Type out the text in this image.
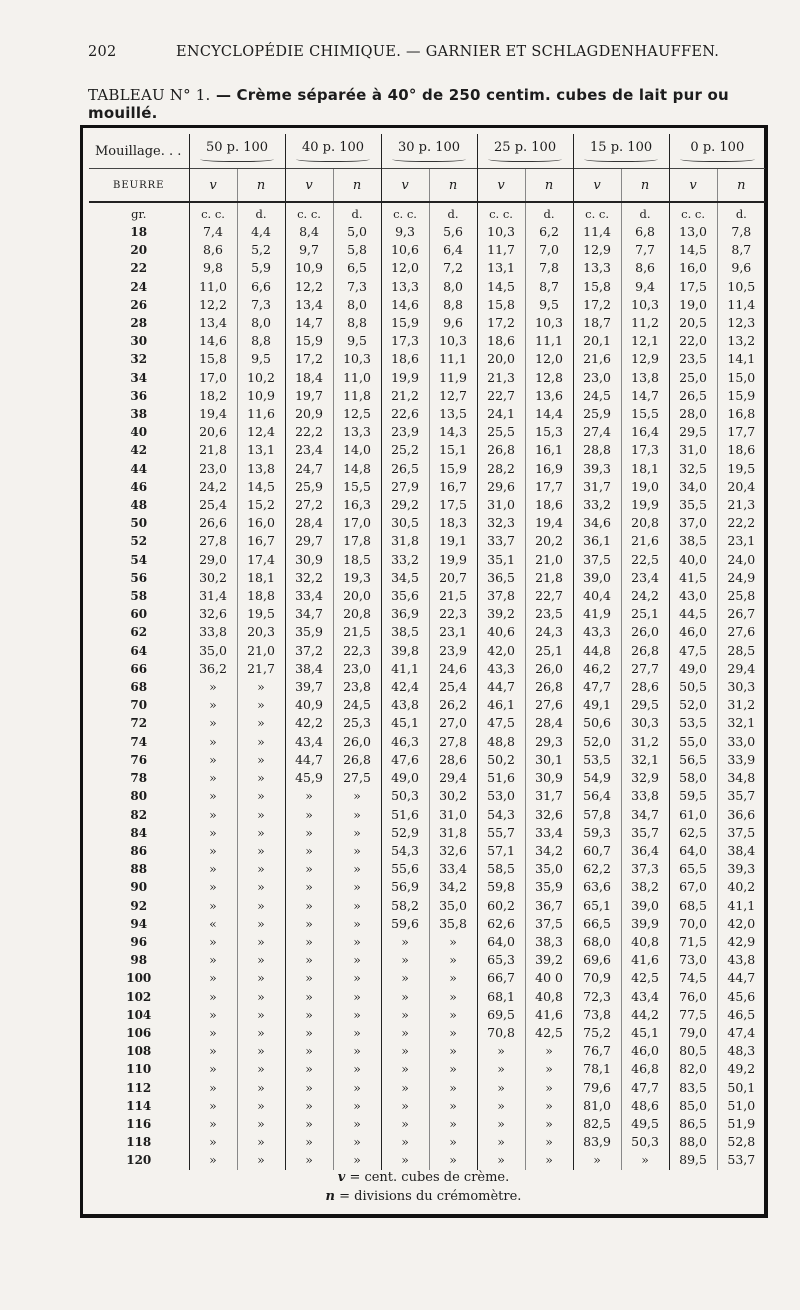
202	ENCYCLOPÉDIE CHIMIQUE. — GARNIER ET SCHLAGDENHAUFFEN.
TABLEAU N° 1. — Crème séparée à 40° de 250 centim. cubes de lait pur ou mouillé.
Mouillage. . .	50 p. 100		40 p. 100		30 p. 100		25 p. 100		15 p. 100		0 p. 100	

BEURRE	v	n	v	n	v	n	v	n	v	n	v	n
gr.	c. c.	d.	c. c.	d.	c. c.	d.	c. c.	d.	c. c.	d.	c. c.	d.
18	7,4	4,4	8,4	5,0	9,3	5,6	10,3	6,2	11,4	6,8	13,0	7,8
20	8,6	5,2	9,7	5,8	10,6	6,4	11,7	7,0	12,9	7,7	14,5	8,7
22	9,8	5,9	10,9	6,5	12,0	7,2	13,1	7,8	13,3	8,6	16,0	9,6
24	11,0	6,6	12,2	7,3	13,3	8,0	14,5	8,7	15,8	9,4	17,5	10,5
26	12,2	7,3	13,4	8,0	14,6	8,8	15,8	9,5	17,2	10,3	19,0	11,4
28	13,4	8,0	14,7	8,8	15,9	9,6	17,2	10,3	18,7	11,2	20,5	12,3
30	14,6	8,8	15,9	9,5	17,3	10,3	18,6	11,1	20,1	12,1	22,0	13,2
32	15,8	9,5	17,2	10,3	18,6	11,1	20,0	12,0	21,6	12,9	23,5	14,1
34	17,0	10,2	18,4	11,0	19,9	11,9	21,3	12,8	23,0	13,8	25,0	15,0
36	18,2	10,9	19,7	11,8	21,2	12,7	22,7	13,6	24,5	14,7	26,5	15,9
38	19,4	11,6	20,9	12,5	22,6	13,5	24,1	14,4	25,9	15,5	28,0	16,8
40	20,6	12,4	22,2	13,3	23,9	14,3	25,5	15,3	27,4	16,4	29,5	17,7
42	21,8	13,1	23,4	14,0	25,2	15,1	26,8	16,1	28,8	17,3	31,0	18,6
44	23,0	13,8	24,7	14,8	26,5	15,9	28,2	16,9	39,3	18,1	32,5	19,5
46	24,2	14,5	25,9	15,5	27,9	16,7	29,6	17,7	31,7	19,0	34,0	20,4
48	25,4	15,2	27,2	16,3	29,2	17,5	31,0	18,6	33,2	19,9	35,5	21,3
50	26,6	16,0	28,4	17,0	30,5	18,3	32,3	19,4	34,6	20,8	37,0	22,2
52	27,8	16,7	29,7	17,8	31,8	19,1	33,7	20,2	36,1	21,6	38,5	23,1
54	29,0	17,4	30,9	18,5	33,2	19,9	35,1	21,0	37,5	22,5	40,0	24,0
56	30,2	18,1	32,2	19,3	34,5	20,7	36,5	21,8	39,0	23,4	41,5	24,9
58	31,4	18,8	33,4	20,0	35,6	21,5	37,8	22,7	40,4	24,2	43,0	25,8
60	32,6	19,5	34,7	20,8	36,9	22,3	39,2	23,5	41,9	25,1	44,5	26,7
62	33,8	20,3	35,9	21,5	38,5	23,1	40,6	24,3	43,3	26,0	46,0	27,6
64	35,0	21,0	37,2	22,3	39,8	23,9	42,0	25,1	44,8	26,8	47,5	28,5
66	36,2	21,7	38,4	23,0	41,1	24,6	43,3	26,0	46,2	27,7	49,0	29,4
68	»	»	39,7	23,8	42,4	25,4	44,7	26,8	47,7	28,6	50,5	30,3
70	»	»	40,9	24,5	43,8	26,2	46,1	27,6	49,1	29,5	52,0	31,2
72	»	»	42,2	25,3	45,1	27,0	47,5	28,4	50,6	30,3	53,5	32,1
74	»	»	43,4	26,0	46,3	27,8	48,8	29,3	52,0	31,2	55,0	33,0
76	»	»	44,7	26,8	47,6	28,6	50,2	30,1	53,5	32,1	56,5	33,9
78	»	»	45,9	27,5	49,0	29,4	51,6	30,9	54,9	32,9	58,0	34,8
80	»	»	»	»	50,3	30,2	53,0	31,7	56,4	33,8	59,5	35,7
82	»	»	»	»	51,6	31,0	54,3	32,6	57,8	34,7	61,0	36,6
84	»	»	»	»	52,9	31,8	55,7	33,4	59,3	35,7	62,5	37,5
86	»	»	»	»	54,3	32,6	57,1	34,2	60,7	36,4	64,0	38,4
88	»	»	»	»	55,6	33,4	58,5	35,0	62,2	37,3	65,5	39,3
90	»	»	»	»	56,9	34,2	59,8	35,9	63,6	38,2	67,0	40,2
92	»	»	»	»	58,2	35,0	60,2	36,7	65,1	39,0	68,5	41,1
94	«	»	»	»	59,6	35,8	62,6	37,5	66,5	39,9	70,0	42,0
96	»	»	»	»	»	»	64,0	38,3	68,0	40,8	71,5	42,9
98	»	»	»	»	»	»	65,3	39,2	69,6	41,6	73,0	43,8
100	»	»	»	»	»	»	66,7	40 0	70,9	42,5	74,5	44,7
102	»	»	»	»	»	»	68,1	40,8	72,3	43,4	76,0	45,6
104	»	»	»	»	»	»	69,5	41,6	73,8	44,2	77,5	46,5
106	»	»	»	»	»	»	70,8	42,5	75,2	45,1	79,0	47,4
108	»	»	»	»	»	»	»	»	76,7	46,0	80,5	48,3
110	»	»	»	»	»	»	»	»	78,1	46,8	82,0	49,2
112	»	»	»	»	»	»	»	»	79,6	47,7	83,5	50,1
114	»	»	»	»	»	»	»	»	81,0	48,6	85,0	51,0
116	»	»	»	»	»	»	»	»	82,5	49,5	86,5	51,9
118	»	»	»	»	»	»	»	»	83,9	50,3	88,0	52,8
120	»	»	»	»	»	»	»	»	»	»	89,5	53,7
v = cent. cubes de crème.
n = divisions du crémomètre.
